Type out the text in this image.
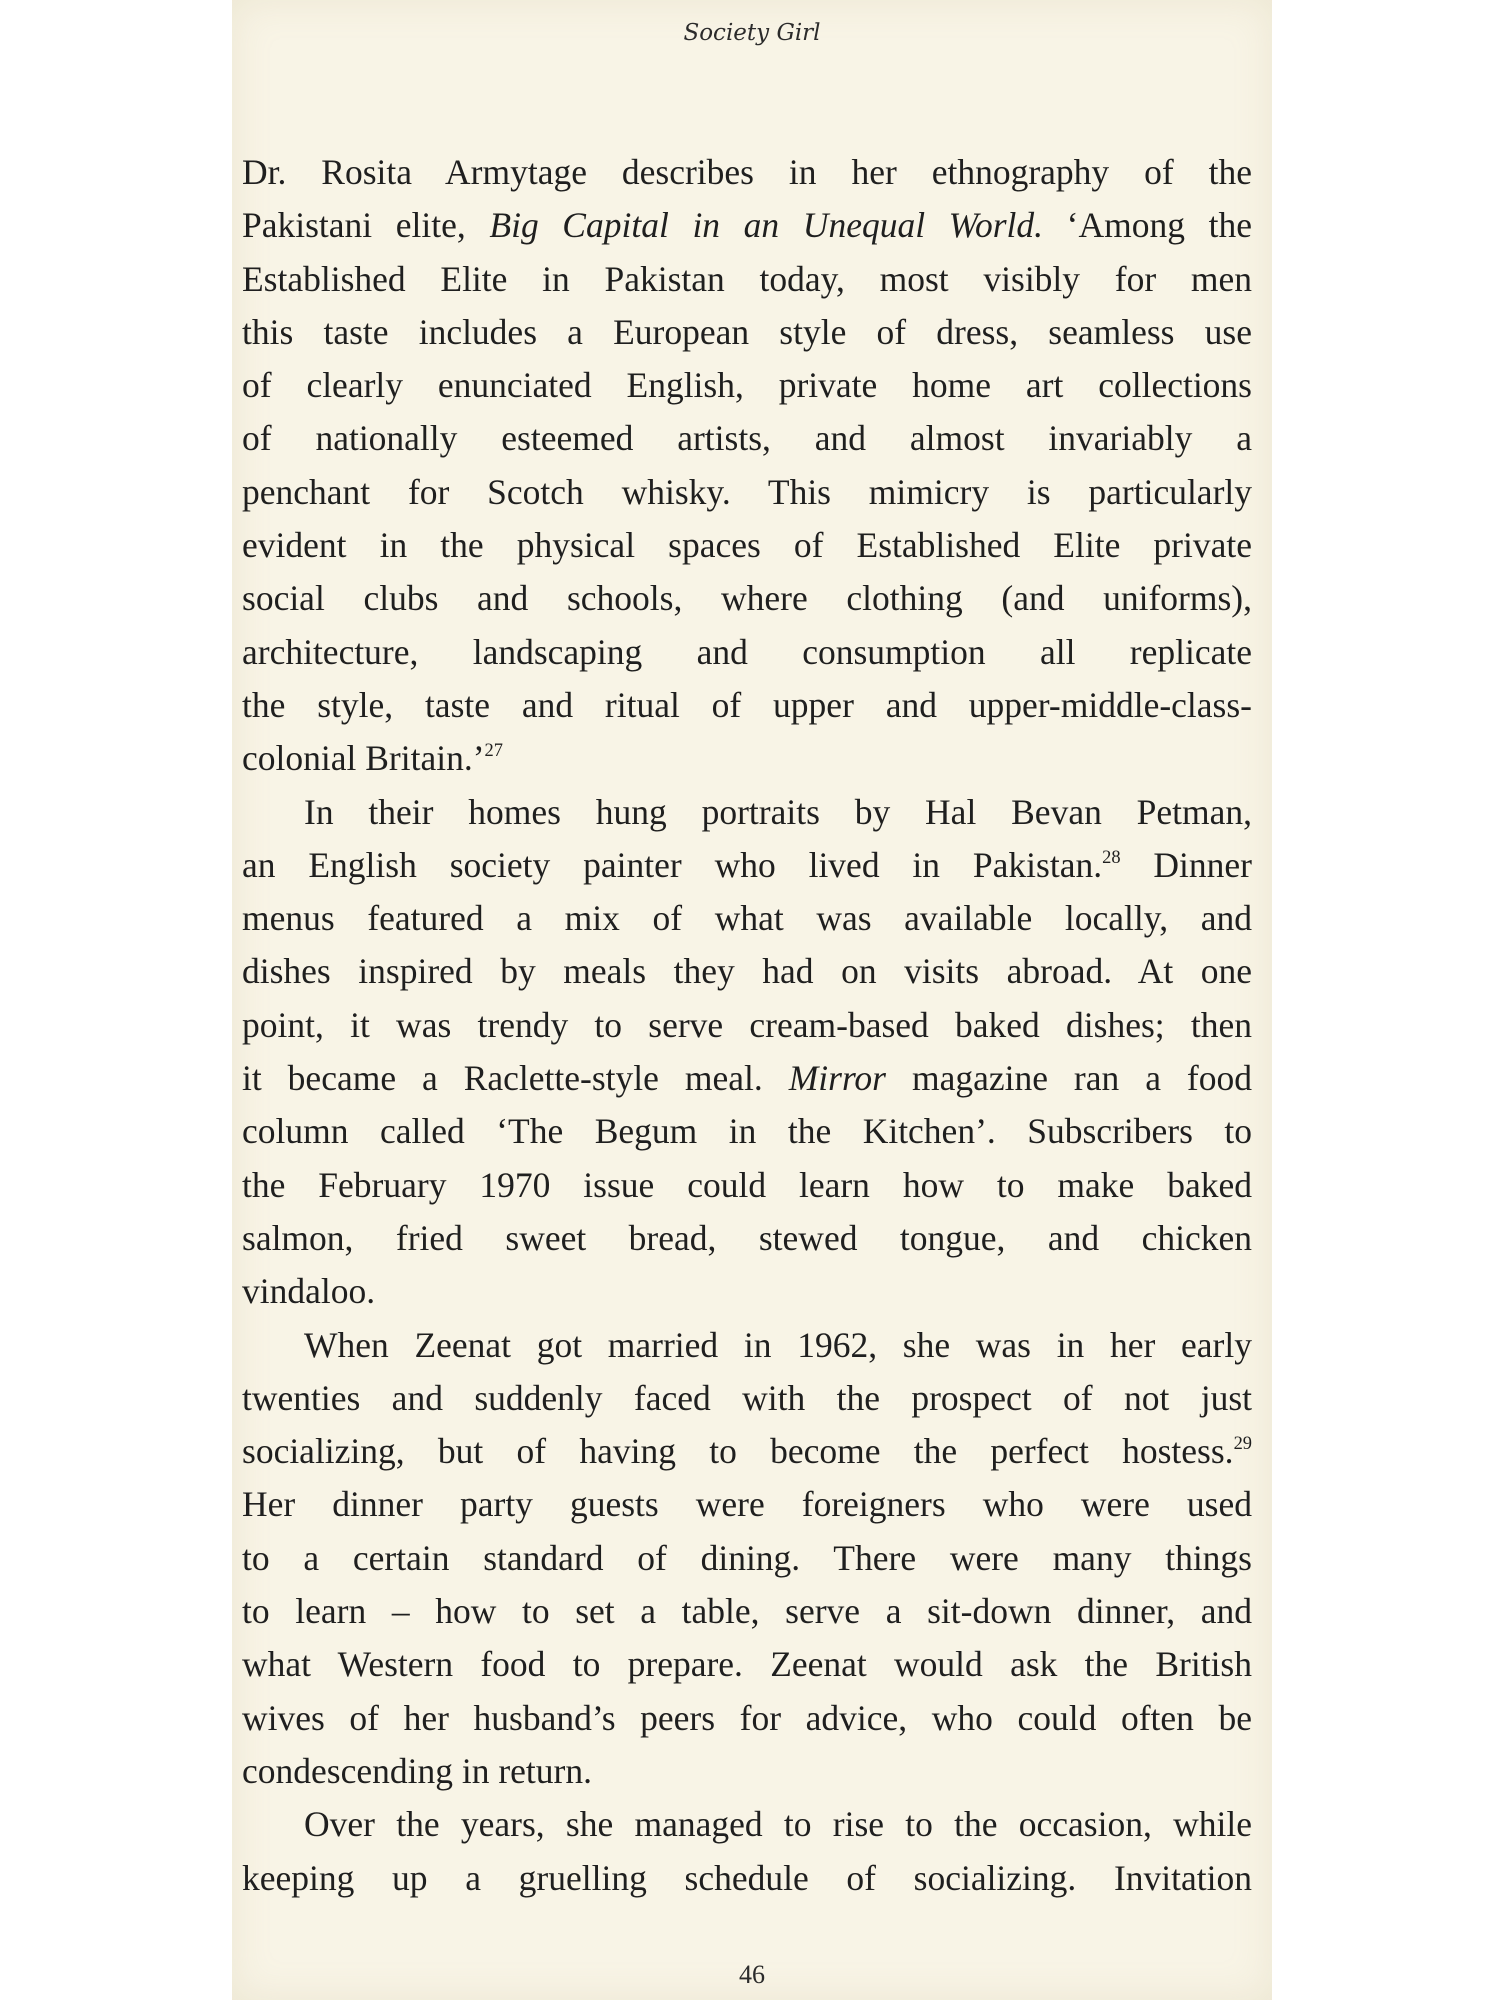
Society Girl
Dr. Rosita Armytage describes in her ethnography of the
Pakistani elite, Big Capital in an Unequal World. ‘Among the
Established Elite in Pakistan today, most visibly for men
this taste includes a European style of dress, seamless use
of clearly enunciated English, private home art collections
of nationally esteemed artists, and almost invariably a
penchant for Scotch whisky. This mimicry is particularly
evident in the physical spaces of Established Elite private
social clubs and schools, where clothing (and uniforms),
architecture, landscaping and consumption all replicate
the style, taste and ritual of upper and upper-middle-class-
colonial Britain.’$^{27}$
In their homes hung portraits by Hal Bevan Petman,
an English society painter who lived in Pakistan.$^{28}$ Dinner
menus featured a mix of what was available locally, and
dishes inspired by meals they had on visits abroad. At one
point, it was trendy to serve cream-based baked dishes; then
it became a Raclette-style meal. Mirror magazine ran a food
column called ‘The Begum in the Kitchen’. Subscribers to
the February 1970 issue could learn how to make baked
salmon, fried sweet bread, stewed tongue, and chicken
vindaloo.
When Zeenat got married in 1962, she was in her early
twenties and suddenly faced with the prospect of not just
socializing, but of having to become the perfect hostess.$^{29}$
Her dinner party guests were foreigners who were used
to a certain standard of dining. There were many things
to learn – how to set a table, serve a sit-down dinner, and
what Western food to prepare. Zeenat would ask the British
wives of her husband’s peers for advice, who could often be
condescending in return.
Over the years, she managed to rise to the occasion, while
keeping up a gruelling schedule of socializing. Invitation
46
